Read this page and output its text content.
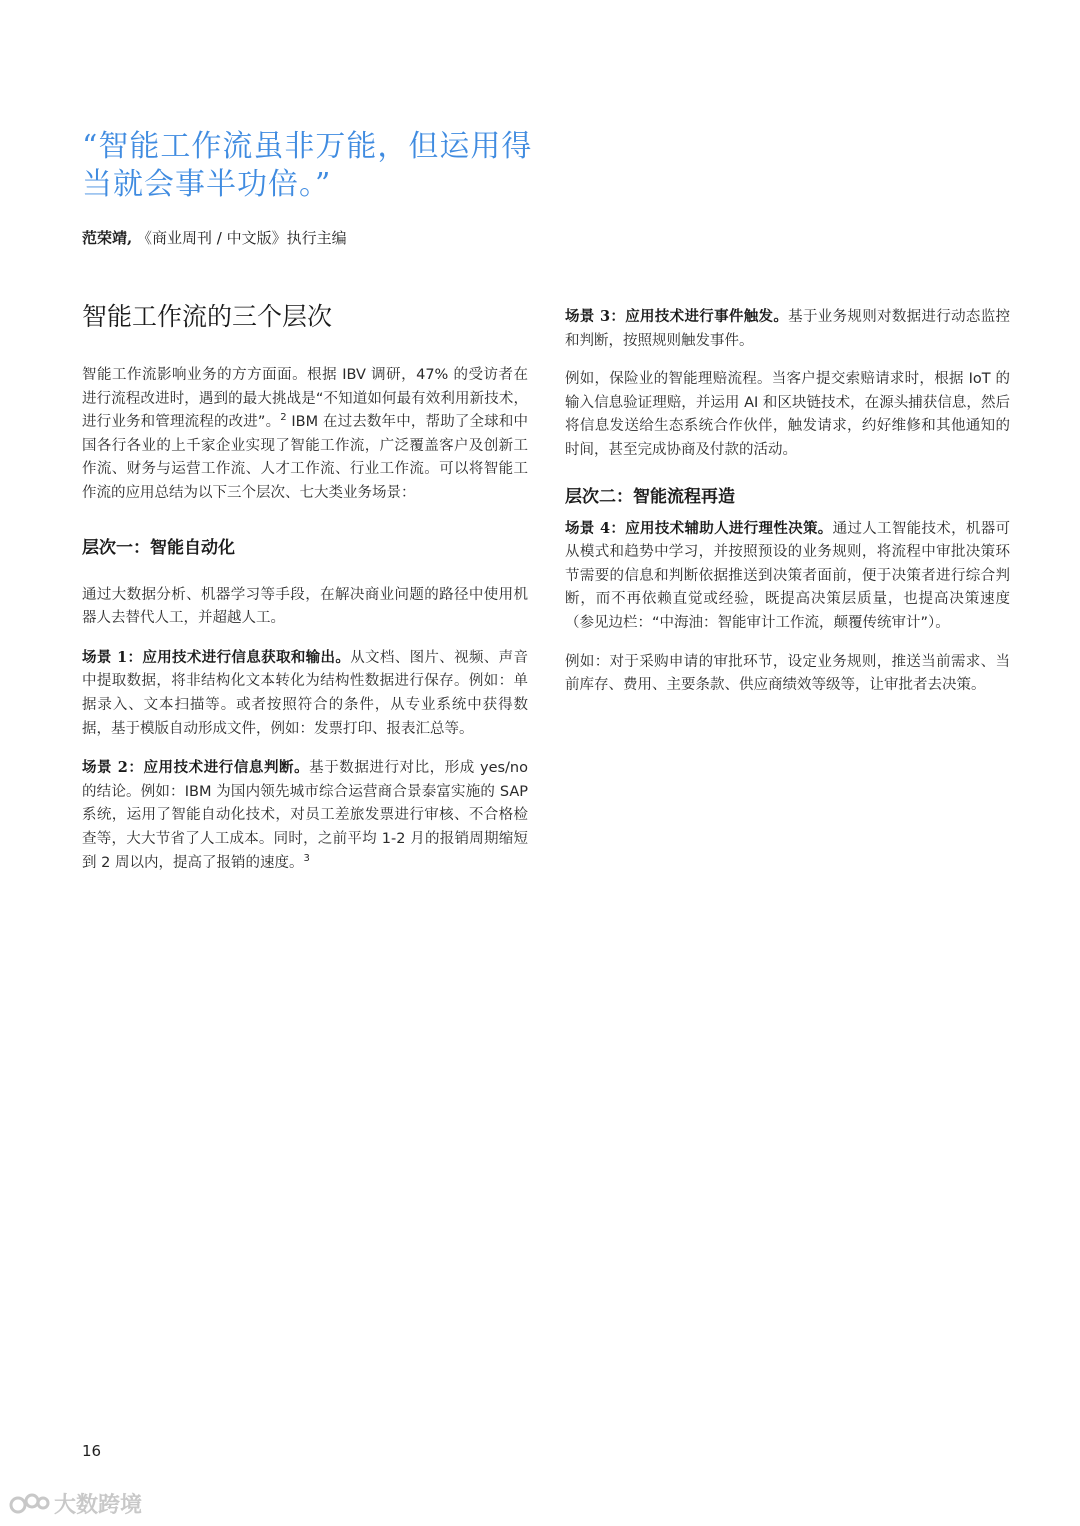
“智能工作流虽非万能，但运用得当就会事半功倍。”
范荣靖, 《商业周刊 / 中文版》执行主编
智能工作流的三个层次

智能工作流影响业务的方方面面。根据 IBV 调研，47% 的受访者在进行流程改进时，遇到的最大挑战是“不知道如何最有效利用新技术，进行业务和管理流程的改进”。$^2$ IBM 在过去数年中，帮助了全球和中国各行各业的上千家企业实现了智能工作流，广泛覆盖客户及创新工作流、财务与运营工作流、人才工作流、行业工作流。可以将智能工作流的应用总结为以下三个层次、七大类业务场景：

层次一：智能自动化

通过大数据分析、机器学习等手段，在解决商业问题的路径中使用机器人去替代人工，并超越人工。

场景 1：应用技术进行信息获取和输出。从文档、图片、视频、声音中提取数据，将非结构化文本转化为结构性数据进行保存。例如：单据录入、文本扫描等。或者按照符合的条件，从专业系统中获得数据，基于模版自动形成文件，例如：发票打印、报表汇总等。

场景 2：应用技术进行信息判断。基于数据进行对比，形成 yes/no 的结论。例如：IBM 为国内领先城市综合运营商合景泰富实施的 SAP 系统，运用了智能自动化技术，对员工差旅发票进行审核、不合格检查等，大大节省了人工成本。同时，之前平均 1-2 月的报销周期缩短到 2 周以内，提高了报销的速度。$^3$

场景 3：应用技术进行事件触发。基于业务规则对数据进行动态监控和判断，按照规则触发事件。

例如，保险业的智能理赔流程。当客户提交索赔请求时，根据 IoT 的输入信息验证理赔，并运用 AI 和区块链技术，在源头捕获信息，然后将信息发送给生态系统合作伙伴，触发请求，约好维修和其他通知的时间，甚至完成协商及付款的活动。

层次二：智能流程再造

场景 4：应用技术辅助人进行理性决策。通过人工智能技术，机器可从模式和趋势中学习，并按照预设的业务规则，将流程中审批决策环节需要的信息和判断依据推送到决策者面前，便于决策者进行综合判断，而不再依赖直觉或经验，既提高决策层质量，也提高决策速度（参见边栏：“中海油：智能审计工作流，颠覆传统审计”）。

例如：对于采购申请的审批环节，设定业务规则，推送当前需求、当前库存、费用、主要条款、供应商绩效等级等，让审批者去决策。

16
大数跨境
